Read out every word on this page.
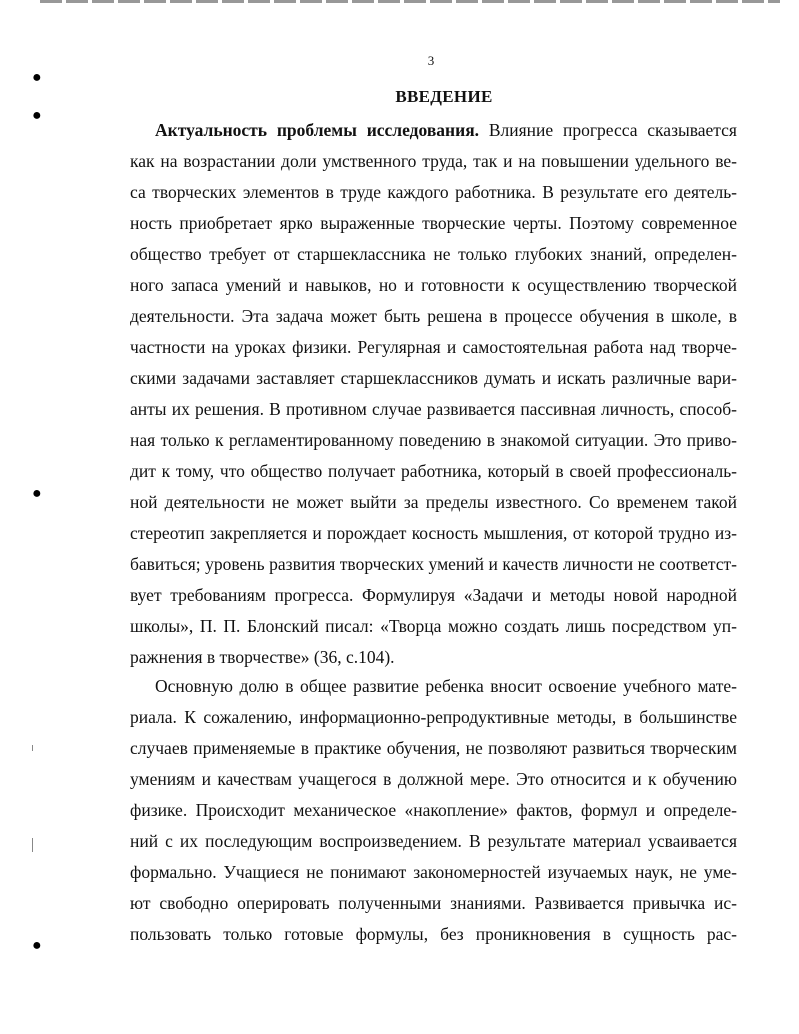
●
●
●
●
3
ВВЕДЕНИЕ
Актуальность проблемы исследования. Влияние прогресса сказывается
как на возрастании доли умственного труда, так и на повышении удельного ве-
са творческих элементов в труде каждого работника. В результате его деятель-
ность приобретает ярко выраженные творческие черты. Поэтому современное
общество требует от старшеклассника не только глубоких знаний, определен-
ного запаса умений и навыков, но и готовности к осуществлению творческой
деятельности. Эта задача может быть решена в процессе обучения в школе, в
частности на уроках физики. Регулярная и самостоятельная работа над творче-
скими задачами заставляет старшеклассников думать и искать различные вари-
анты их решения. В противном случае развивается пассивная личность, способ-
ная только к регламентированному поведению в знакомой ситуации. Это приво-
дит к тому, что общество получает работника, который в своей профессиональ-
ной деятельности не может выйти за пределы известного. Со временем такой
стереотип закрепляется и порождает косность мышления, от которой трудно из-
бавиться; уровень развития творческих умений и качеств личности не соответст-
вует требованиям прогресса. Формулируя «Задачи и методы новой народной
школы», П. П. Блонский писал: «Творца можно создать лишь посредством уп-
ражнения в творчестве» (36, с.104).
Основную долю в общее развитие ребенка вносит освоение учебного мате-
риала. К сожалению, информационно-репродуктивные методы, в большинстве
случаев применяемые в практике обучения, не позволяют развиться творческим
умениям и качествам учащегося в должной мере. Это относится и к обучению
физике. Происходит механическое «накопление» фактов, формул и определе-
ний с их последующим воспроизведением. В результате материал усваивается
формально. Учащиеся не понимают закономерностей изучаемых наук, не уме-
ют свободно оперировать полученными знаниями. Развивается привычка ис-
пользовать только готовые формулы, без проникновения в сущность рас-
